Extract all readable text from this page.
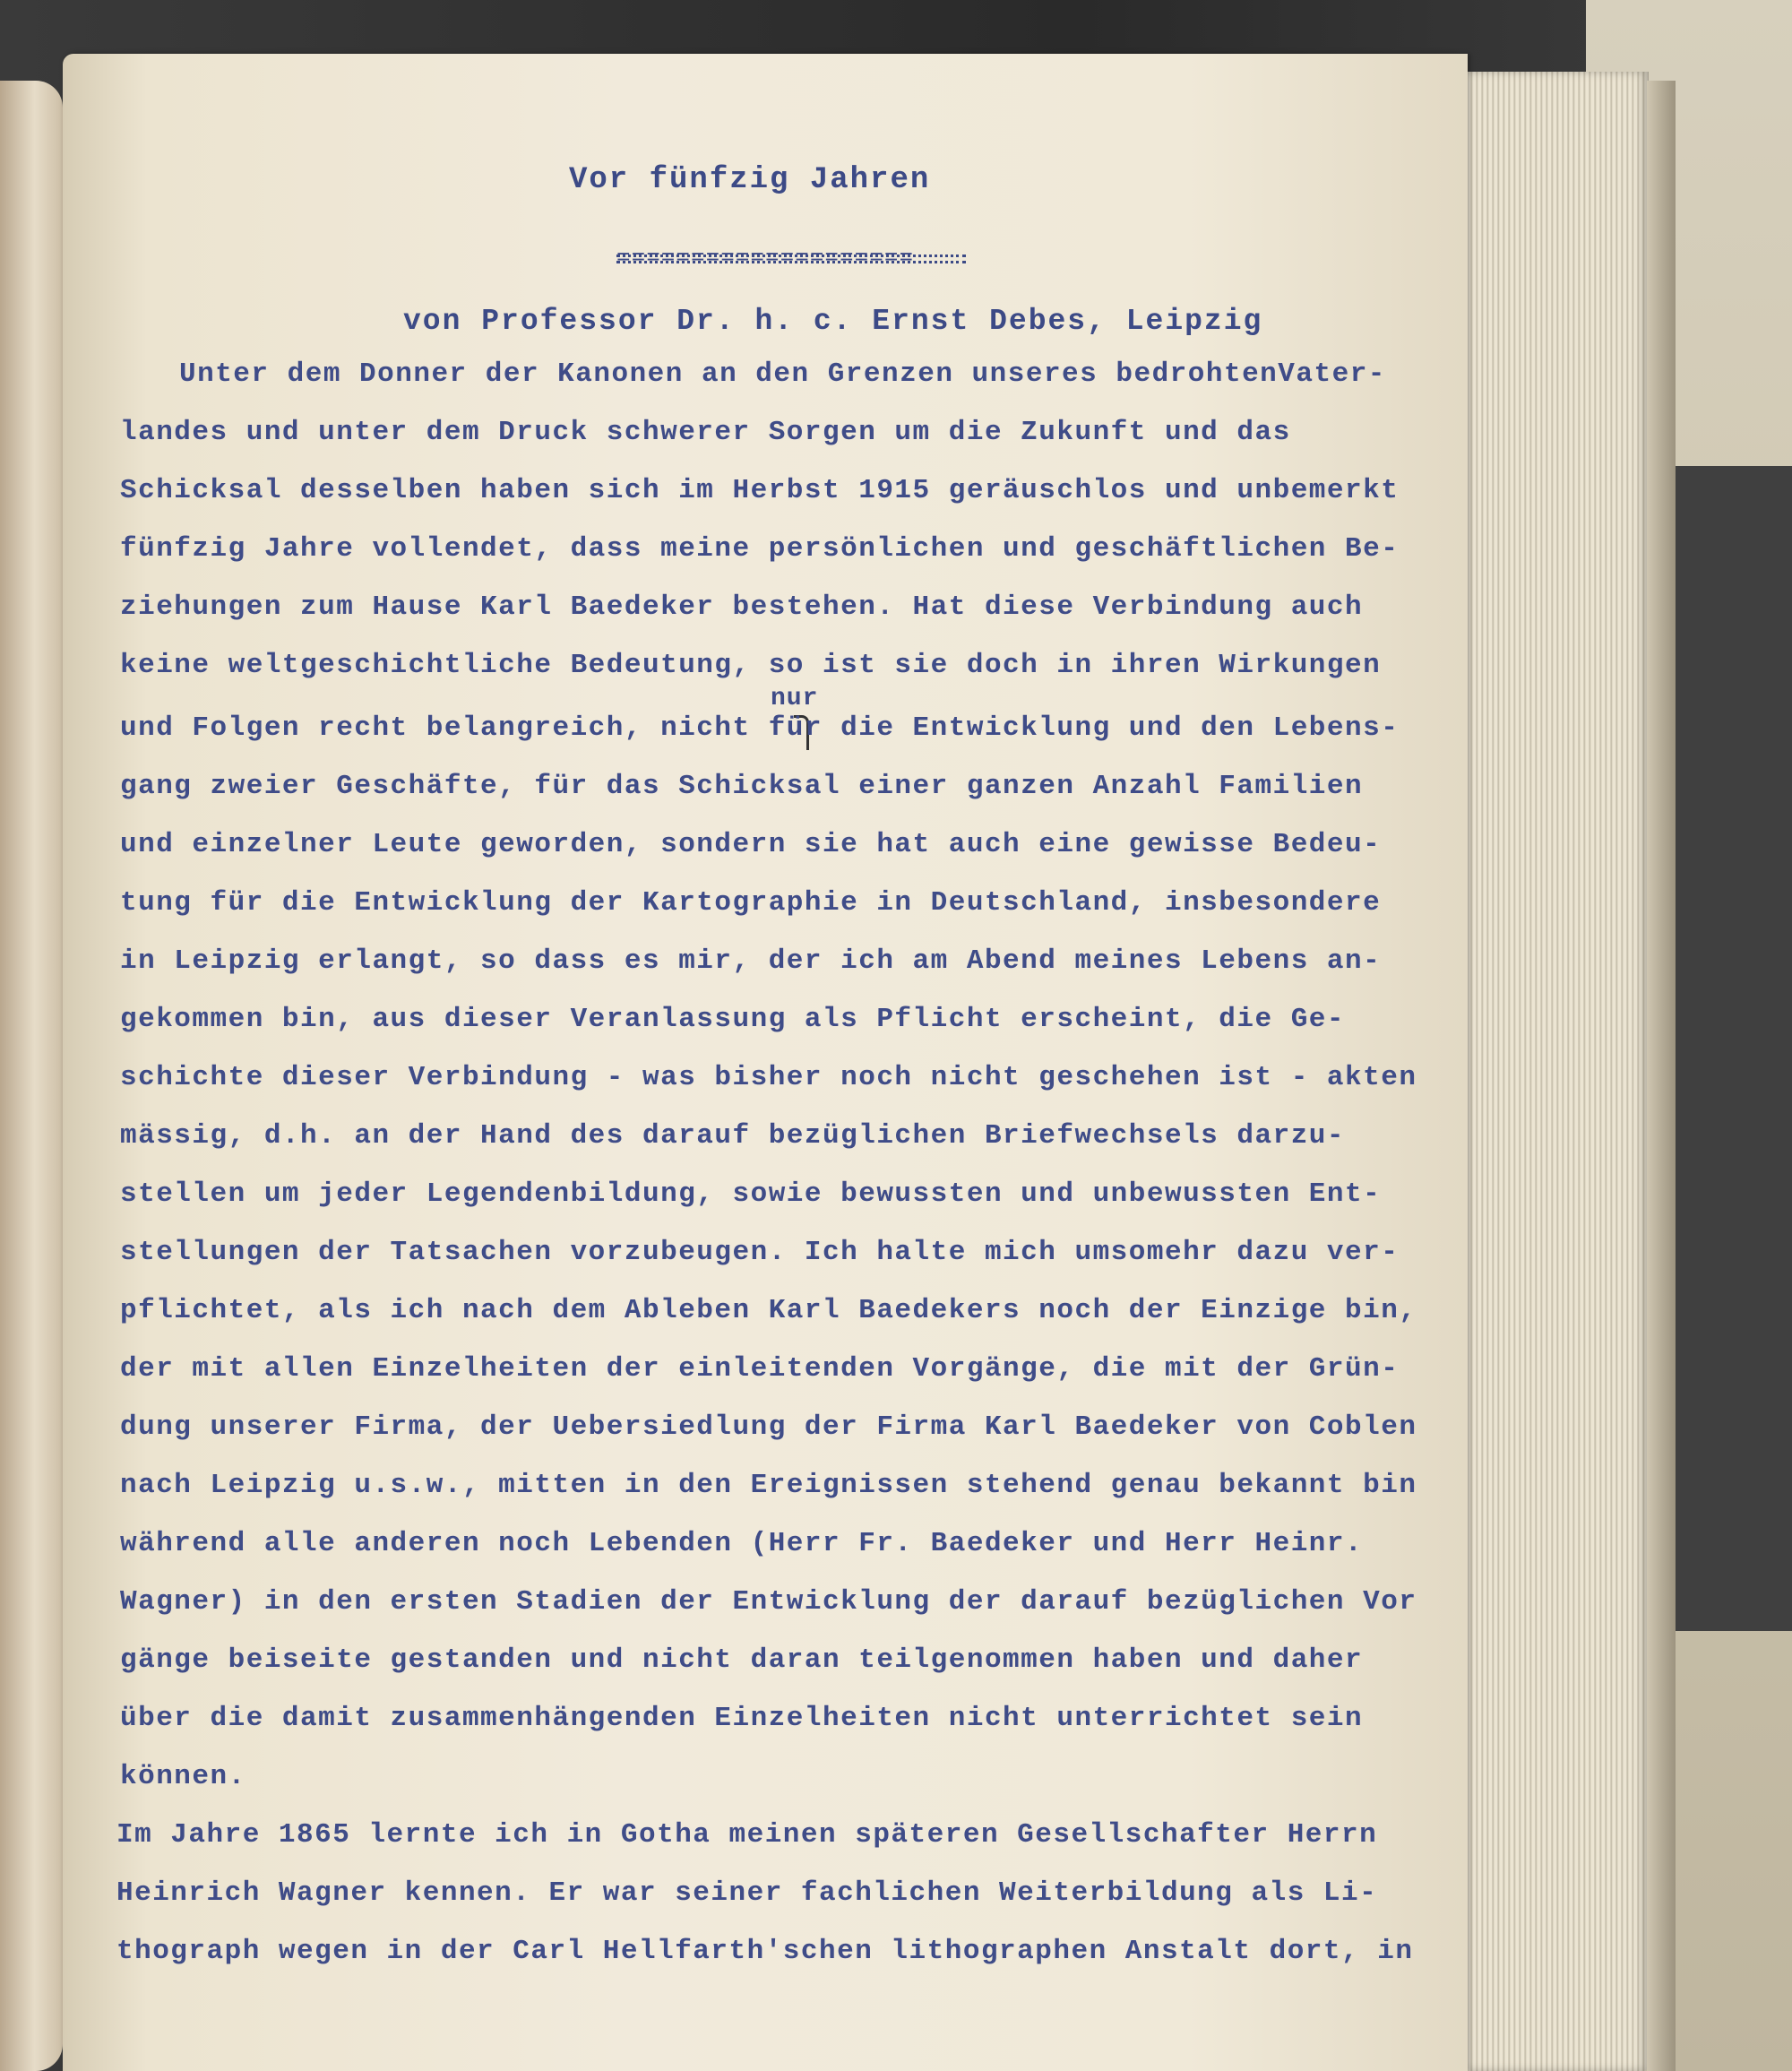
Vor fünfzig Jahren
====================
von Professor Dr. h. c. Ernst Debes, Leipzig
nur
Unter dem Donner der Kanonen an den Grenzen unseres bedrohtenVater-
landes und unter dem Druck schwerer Sorgen um die Zukunft und das
Schicksal desselben haben sich im Herbst 1915 geräuschlos und unbemerkt
fünfzig Jahre vollendet, dass meine persönlichen und geschäftlichen Be-
ziehungen zum Hause Karl Baedeker bestehen. Hat diese Verbindung auch
keine weltgeschichtliche Bedeutung, so ist sie doch in ihren Wirkungen
und Folgen recht belangreich, nicht für die Entwicklung und den Lebens-
gang zweier Geschäfte, für das Schicksal einer ganzen Anzahl Familien
und einzelner Leute geworden, sondern sie hat auch eine gewisse Bedeu-
tung für die Entwicklung der Kartographie in Deutschland, insbesondere
in Leipzig erlangt, so dass es mir, der ich am Abend meines Lebens an-
gekommen bin, aus dieser Veranlassung als Pflicht erscheint, die Ge-
schichte dieser Verbindung - was bisher noch nicht geschehen ist - akten
mässig, d.h. an der Hand des darauf bezüglichen Briefwechsels darzu-
stellen um jeder Legendenbildung, sowie bewussten und unbewussten Ent-
stellungen der Tatsachen vorzubeugen. Ich halte mich umsomehr dazu ver-
pflichtet, als ich nach dem Ableben Karl Baedekers noch der Einzige bin,
der mit allen Einzelheiten der einleitenden Vorgänge, die mit der Grün-
dung unserer Firma, der Uebersiedlung der Firma Karl Baedeker von Coblen
nach Leipzig u.s.w., mitten in den Ereignissen stehend genau bekannt bin
während alle anderen noch Lebenden (Herr Fr. Baedeker und Herr Heinr.
Wagner) in den ersten Stadien der Entwicklung der darauf bezüglichen Vor
gänge beiseite gestanden und nicht daran teilgenommen haben und daher
über die damit zusammenhängenden Einzelheiten nicht unterrichtet sein
können.
Im Jahre 1865 lernte ich in Gotha meinen späteren Gesellschafter Herrn
Heinrich Wagner kennen. Er war seiner fachlichen Weiterbildung als Li-
thograph wegen in der Carl Hellfarth'schen lithographen Anstalt dort, in
